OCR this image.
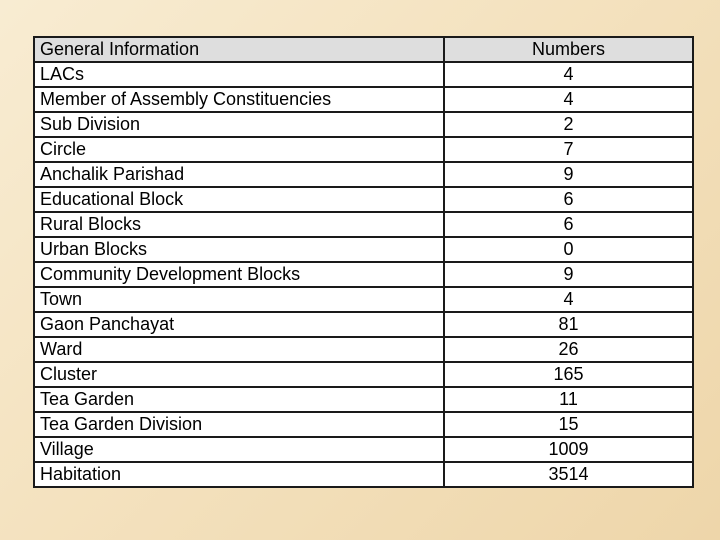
General Information	Numbers
LACs	4
Member of Assembly Constituencies	4
Sub Division	2
Circle	7
Anchalik Parishad	9
Educational Block	6
Rural Blocks	6
Urban Blocks	0
Community Development Blocks	9
Town	4
Gaon Panchayat	81
Ward	26
Cluster	165
Tea Garden	11
Tea Garden Division	15
Village	1009
Habitation	3514
